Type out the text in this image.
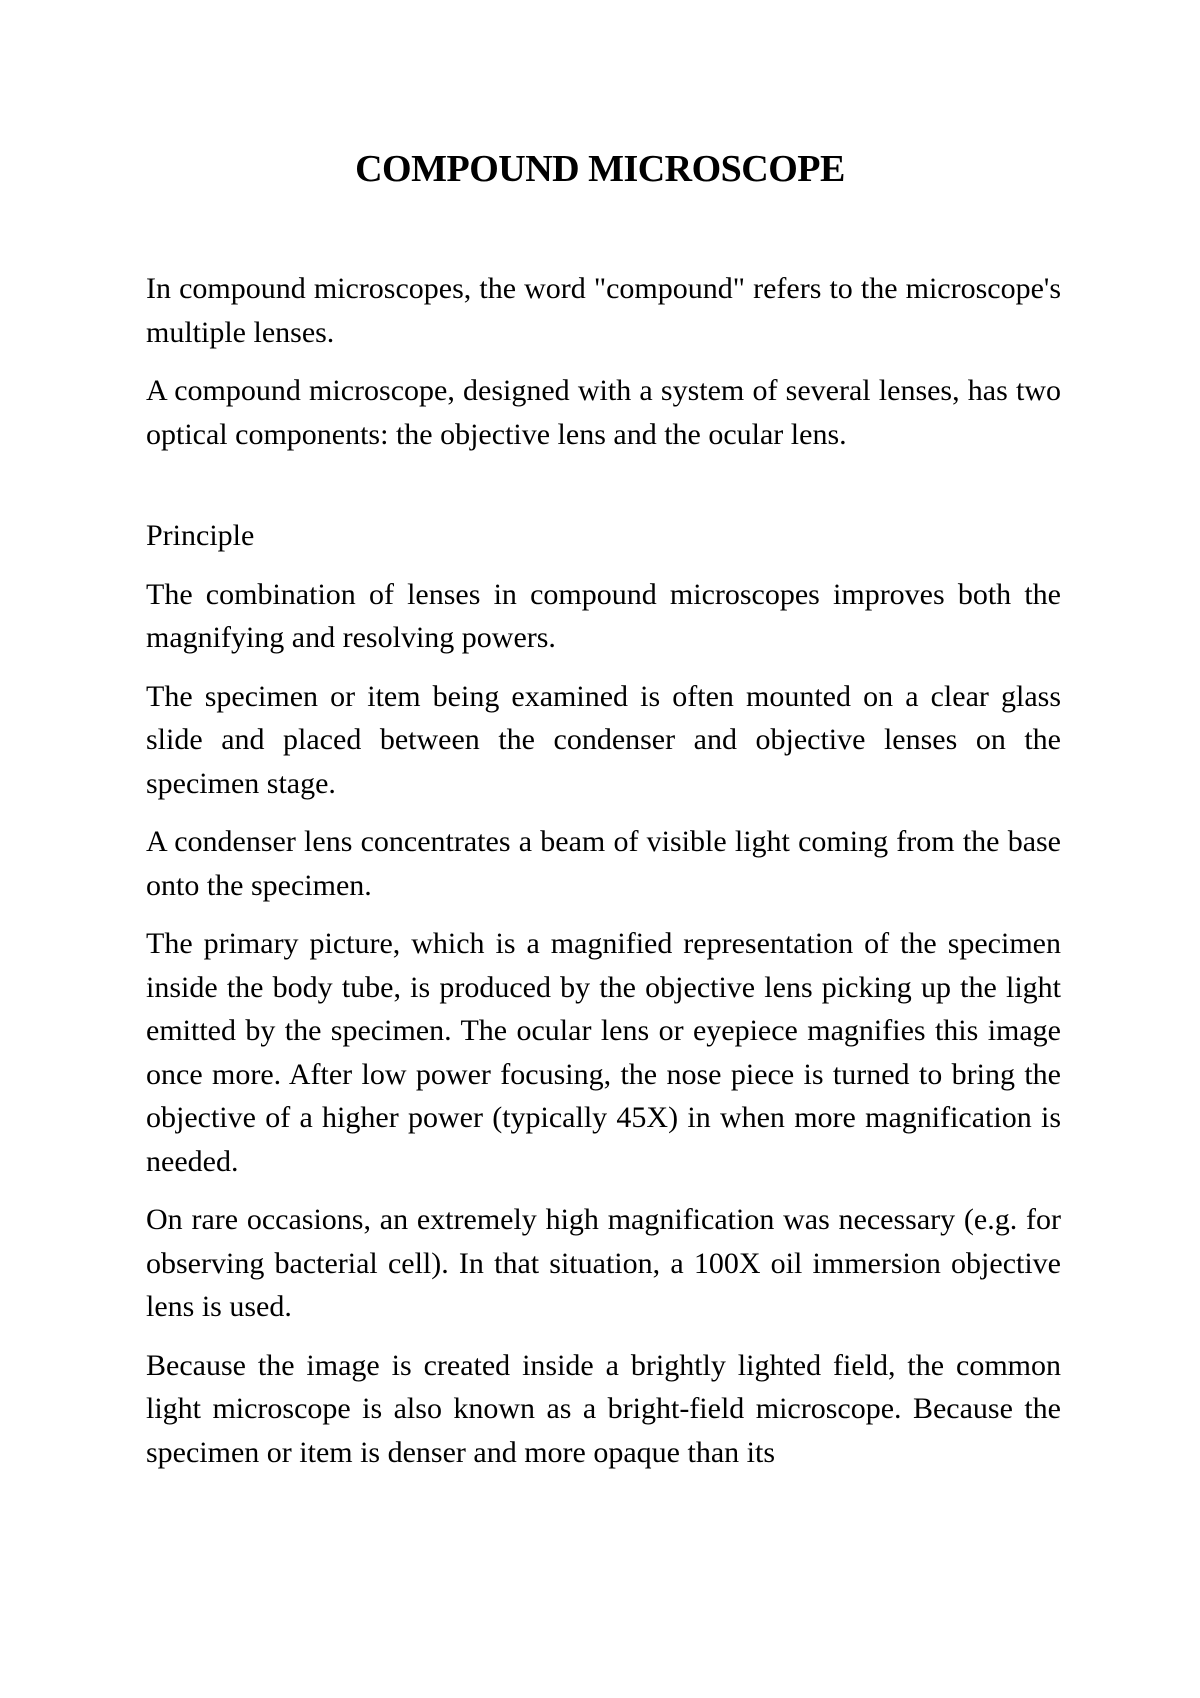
COMPOUND MICROSCOPE

In compound microscopes, the word "compound" refers to the microscope's multiple lenses.

A compound microscope, designed with a system of several lenses, has two optical components: the objective lens and the ocular lens.

Principle

The combination of lenses in compound microscopes improves both the magnifying and resolving powers.

The specimen or item being examined is often mounted on a clear glass slide and placed between the condenser and objective lenses on the specimen stage.

A condenser lens concentrates a beam of visible light coming from the base onto the specimen.

The primary picture, which is a magnified representation of the specimen inside the body tube, is produced by the objective lens picking up the light emitted by the specimen. The ocular lens or eyepiece magnifies this image once more. After low power focusing, the nose piece is turned to bring the objective of a higher power (typically 45X) in when more magnification is needed.

On rare occasions, an extremely high magnification was necessary (e.g. for observing bacterial cell). In that situation, a 100X oil immersion objective lens is used.

Because the image is created inside a brightly lighted field, the common light microscope is also known as a bright-field microscope. Because the specimen or item is denser and more opaque than its
